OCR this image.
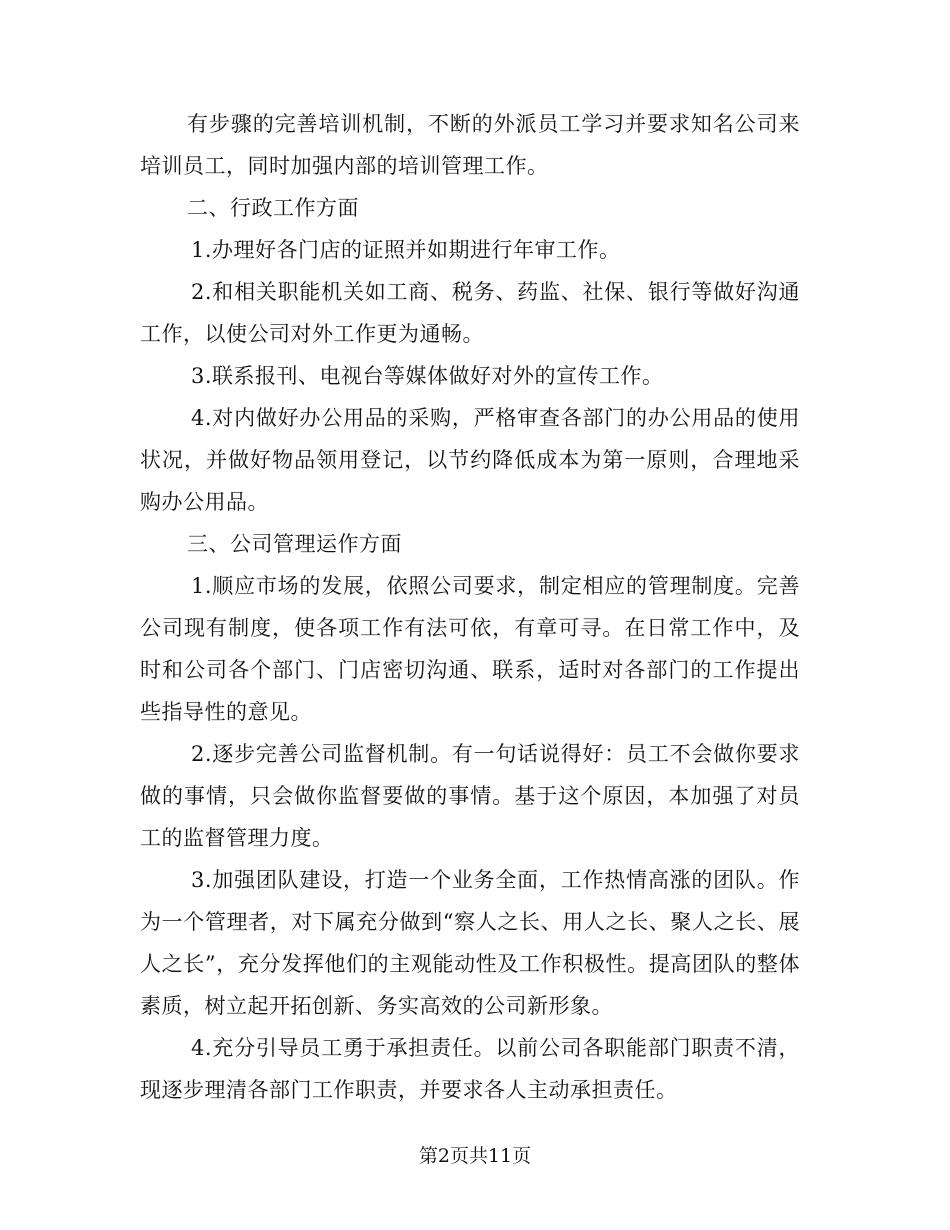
有步骤的完善培训机制，不断的外派员工学习并要求知名公司来培训员工，同时加强内部的培训管理工作。

二、行政工作方面

1.办理好各门店的证照并如期进行年审工作。

2.和相关职能机关如工商、税务、药监、社保、银行等做好沟通工作，以使公司对外工作更为通畅。

3.联系报刊、电视台等媒体做好对外的宣传工作。

4.对内做好办公用品的采购，严格审查各部门的办公用品的使用状况，并做好物品领用登记，以节约降低成本为第一原则，合理地采购办公用品。

三、公司管理运作方面

1.顺应市场的发展，依照公司要求，制定相应的管理制度。完善公司现有制度，使各项工作有法可依，有章可寻。在日常工作中，及时和公司各个部门、门店密切沟通、联系，适时对各部门的工作提出些指导性的意见。

2.逐步完善公司监督机制。有一句话说得好：员工不会做你要求做的事情，只会做你监督要做的事情。基于这个原因，本加强了对员工的监督管理力度。

3.加强团队建设，打造一个业务全面，工作热情高涨的团队。作为一个管理者，对下属充分做到“察人之长、用人之长、聚人之长、展人之长”，充分发挥他们的主观能动性及工作积极性。提高团队的整体素质，树立起开拓创新、务实高效的公司新形象。

4.充分引导员工勇于承担责任。以前公司各职能部门职责不清，现逐步理清各部门工作职责，并要求各人主动承担责任。

第2页共11页
